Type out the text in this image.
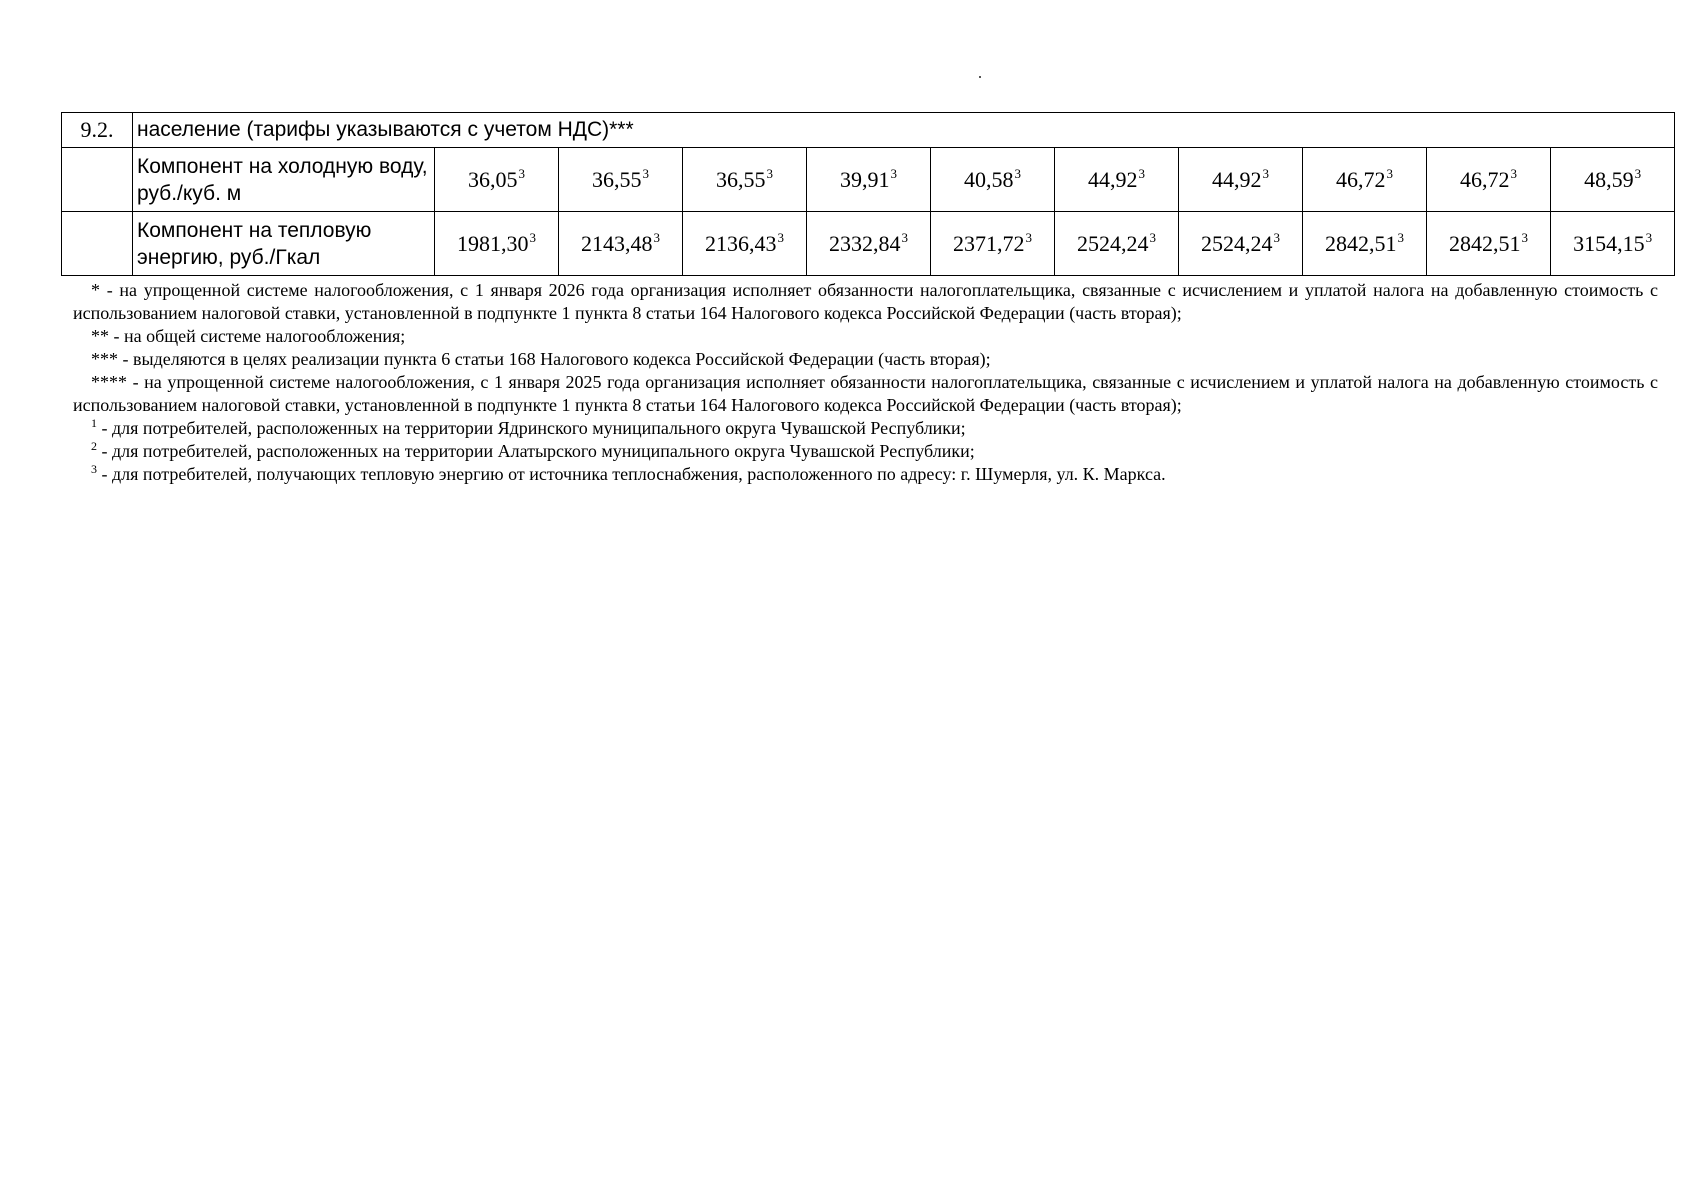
9.2.	население (тарифы указываются с учетом НДС)***										
	Компонент на холодную воду, руб./куб. м	36,05$^3$	36,55$^3$	36,55$^3$	39,91$^3$	40,58$^3$	44,92$^3$	44,92$^3$	46,72$^3$	46,72$^3$	48,59$^3$
	Компонент на тепловую энергию, руб./Гкал	1981,30$^3$	2143,48$^3$	2136,43$^3$	2332,84$^3$	2371,72$^3$	2524,24$^3$	2524,24$^3$	2842,51$^3$	2842,51$^3$	3154,15$^3$

* - на упрощенной системе налогообложения, с 1 января 2026 года организация исполняет обязанности налогоплательщика, связанные с исчислением и уплатой налога на добавленную стоимость с использованием налоговой ставки, установленной в подпункте 1 пункта 8 статьи 164 Налогового кодекса Российской Федерации (часть вторая);

** - на общей системе налогообложения;

*** - выделяются в целях реализации пункта 6 статьи 168 Налогового кодекса Российской Федерации (часть вторая);

**** - на упрощенной системе налогообложения, с 1 января 2025 года организация исполняет обязанности налогоплательщика, связанные с исчислением и уплатой налога на добавленную стоимость с использованием налоговой ставки, установленной в подпункте 1 пункта 8 статьи 164 Налогового кодекса Российской Федерации (часть вторая);

$^1$ - для потребителей, расположенных на территории Ядринского муниципального округа Чувашской Республики;

$^2$ - для потребителей, расположенных на территории Алатырского муниципального округа Чувашской Республики;

$^3$ - для потребителей, получающих тепловую энергию от источника теплоснабжения, расположенного по адресу: г. Шумерля, ул. К. Маркса.
